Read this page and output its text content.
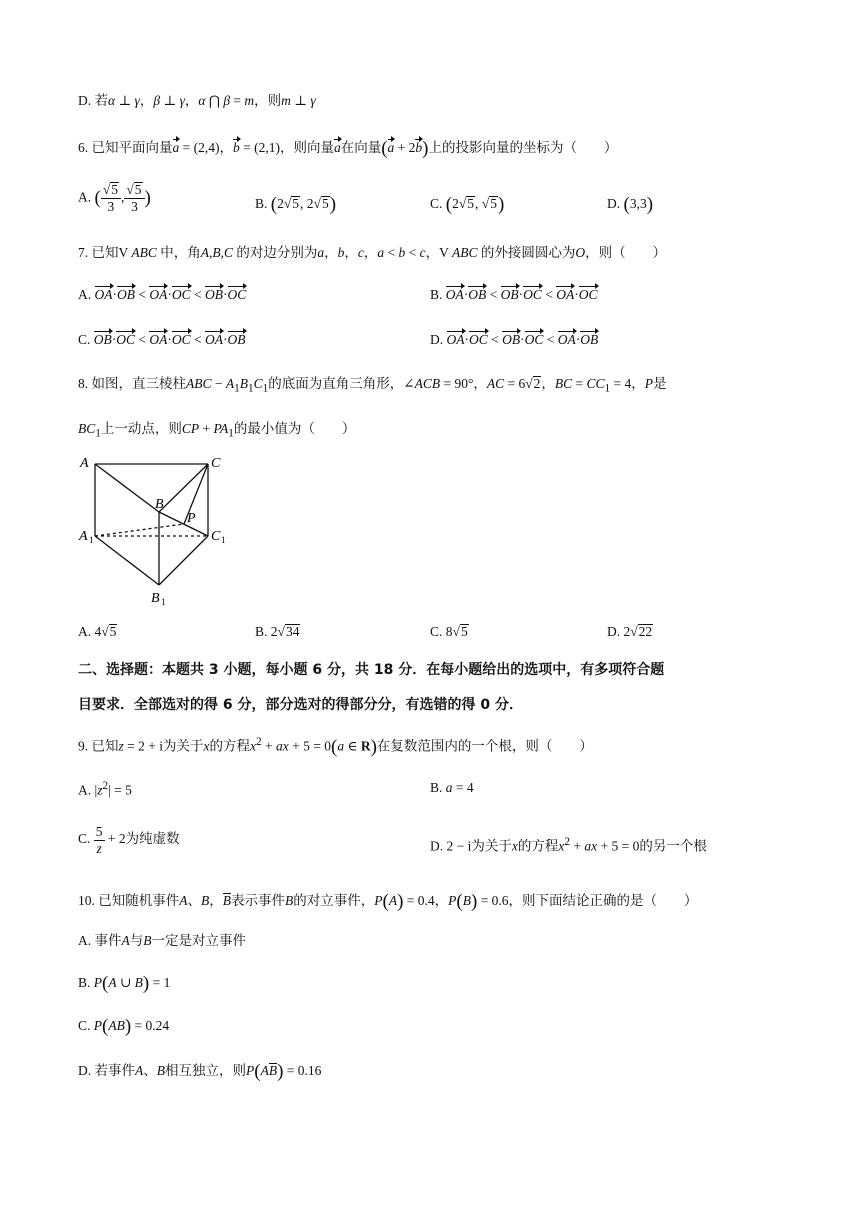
D. 若α ⊥ γ，β ⊥ γ，α ⋂ β = m，则m ⊥ γ
6. 已知平面向量a = (2,4)，b = (2,1)，则向量a在向量(a + 2b)上的投影向量的坐标为（　　）
A. ( $\frac{√5}{3}$ , $\frac{√5}{3}$ )	B. (2√5, 2√5)	C. (2√5, √5)	D. (3,3)
7. 已知V ABC 中，角A,B,C 的对边分别为a，b，c，a < b < c，V ABC 的外接圆圆心为O，则（　　）
A. OA·OB < OA·OC < OB·OC	B. OA·OB < OB·OC < OA·OC
C. OB·OC < OA·OC < OA·OB	D. OA·OC < OB·OC < OA·OB
8. 如图，直三棱柱ABC − $A_1B_1C_1$的底面为直角三角形，∠ACB = 90°，AC = 6√2，BC = $CC_1 = 4$，P是
$BC_1$上一动点，则CP + $PA_1$的最小值为（　　）
A	C
B
P
A 1	C 1
B 1
A. 4√5	B. 2√34	C. 8√5	D. 2√22
二、选择题：本题共 3 小题，每小题 6 分，共 18 分．在每小题给出的选项中，有多项符合题
目要求．全部选对的得 6 分，部分选对的得部分分，有选错的得 0 分．
9. 已知z = 2 + i为关于x的方程$x^2$ + ax + 5 = 0(a ∈ R)在复数范围内的一个根，则（　　）
A. $|z^2| = 5$	B. a = 4
C. $\frac{5}{z} + 2$为纯虚数	D. 2 − i为关于x的方程$x^2$ + ax + 5 = 0的另一个根
10. 已知随机事件A、B，B表示事件B的对立事件，P(A) = 0.4，P(B) = 0.6，则下面结论正确的是（　　）
A. 事件A与B一定是对立事件
B. P(A ∪ B) = 1
C. P(AB) = 0.24
D. 若事件A、B相互独立，则P(AB) = 0.16
